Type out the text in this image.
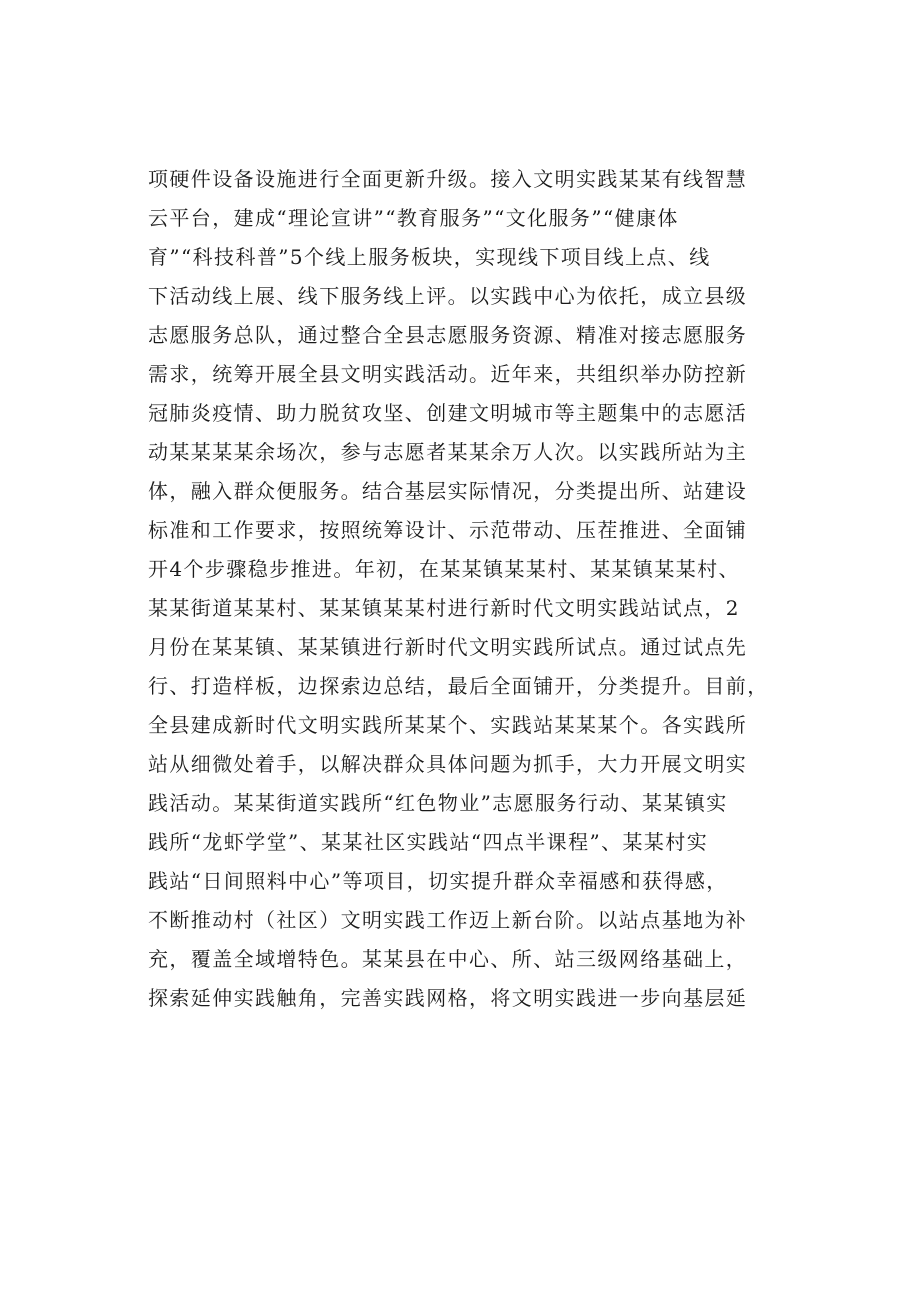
项硬件设备设施进行全面更新升级。接入文明实践某某有线智慧
云平台，建成“理论宣讲”“教育服务”“文化服务”“健康体
育”“科技科普”5个线上服务板块，实现线下项目线上点、线
下活动线上展、线下服务线上评。以实践中心为依托，成立县级
志愿服务总队，通过整合全县志愿服务资源、精准对接志愿服务
需求，统筹开展全县文明实践活动。近年来，共组织举办防控新
冠肺炎疫情、助力脱贫攻坚、创建文明城市等主题集中的志愿活
动某某某某余场次，参与志愿者某某余万人次。以实践所站为主
体，融入群众便服务。结合基层实际情况，分类提出所、站建设
标准和工作要求，按照统筹设计、示范带动、压茬推进、全面铺
开4个步骤稳步推进。年初，在某某镇某某村、某某镇某某村、
某某街道某某村、某某镇某某村进行新时代文明实践站试点，2
月份在某某镇、某某镇进行新时代文明实践所试点。通过试点先
行、打造样板，边探索边总结，最后全面铺开，分类提升。目前，
全县建成新时代文明实践所某某个、实践站某某某个。各实践所
站从细微处着手，以解决群众具体问题为抓手，大力开展文明实
践活动。某某街道实践所“红色物业”志愿服务行动、某某镇实
践所“龙虾学堂”、某某社区实践站“四点半课程”、某某村实
践站“日间照料中心”等项目，切实提升群众幸福感和获得感，
不断推动村（社区）文明实践工作迈上新台阶。以站点基地为补
充，覆盖全域增特色。某某县在中心、所、站三级网络基础上，
探索延伸实践触角，完善实践网格，将文明实践进一步向基层延
